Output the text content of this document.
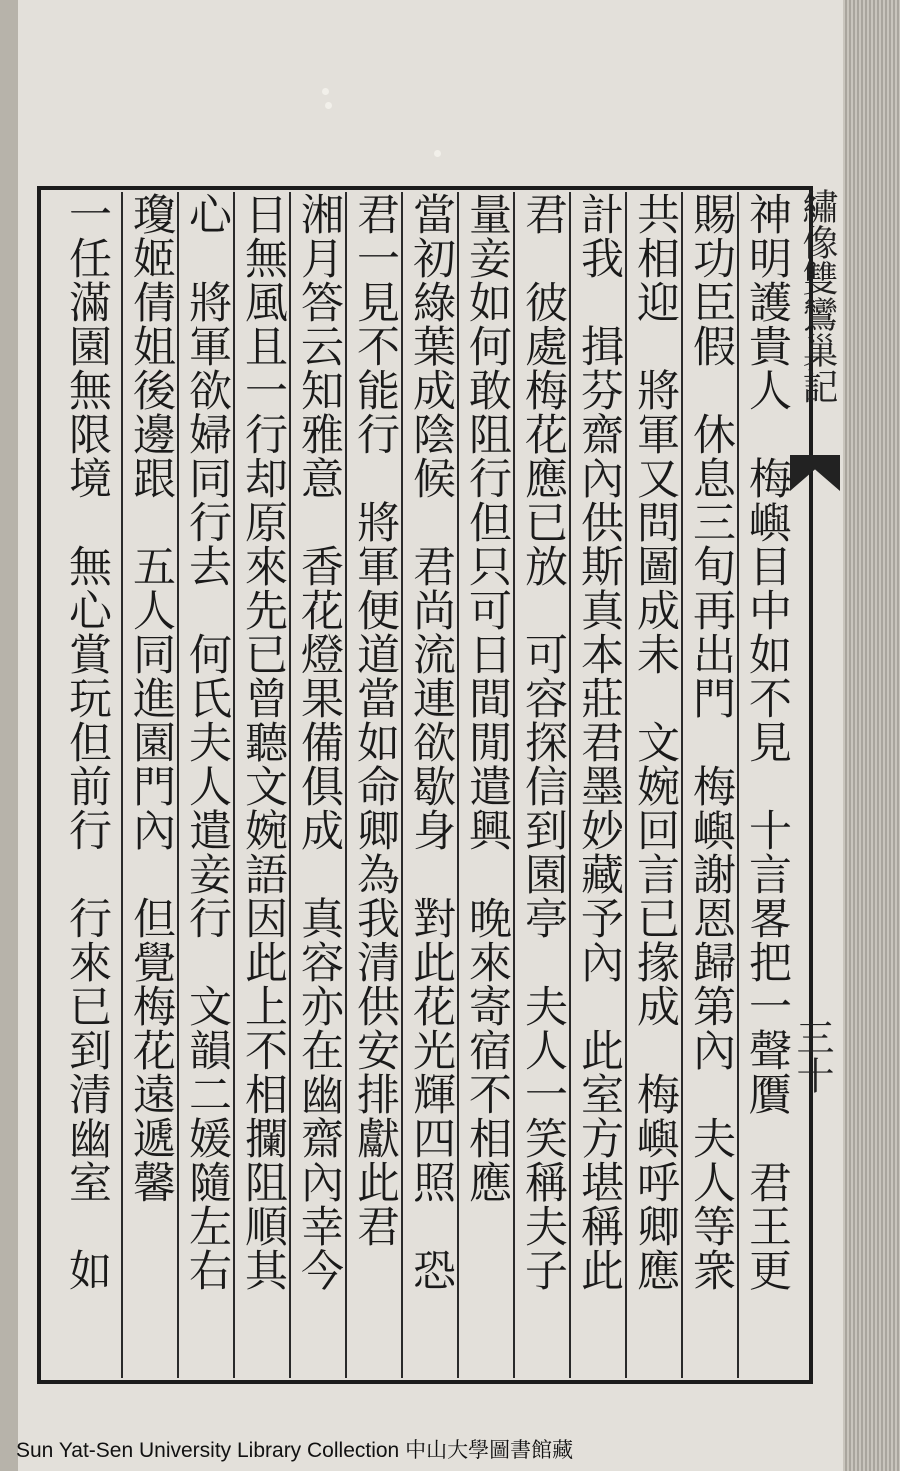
繡像雙鸞巢記
三十
神明護貴人　梅嶼目中如不見　十言畧把一聲贋　君王更
賜功臣假　休息三旬再出門　梅嶼謝恩歸第內　夫人等衆
共相迎　將軍又問圖成未　文婉回言已掾成　梅嶼呼卿應
計我　揖芬齋內供斯真本莊君墨妙藏予內　此室方堪稱此
君　彼處梅花應已放　可容探信到園亭　夫人一笑稱夫子
量妾如何敢阻行但只可日間閒遣興　晚來寄宿不相應
當初綠葉成陰候　君尚流連欲歇身　對此花光輝四照　恐
君一見不能行　將軍便道當如命卿為我清供安排獻此君
湘月答云知雅意　香花燈果備俱成　真容亦在幽齋內幸今
日無風且一行却原來先已曾聽文婉語因此上不相攔阻順其
心　將軍欲婦同行去　何氏夫人遣妾行　文韻二媛隨左右
瓊姬倩姐後邊跟　五人同進園門內　但覺梅花遠遞馨
一任滿園無限境　無心賞玩但前行　行來已到清幽室　如
Sun Yat-Sen University Library Collection 中山大學圖書館藏
